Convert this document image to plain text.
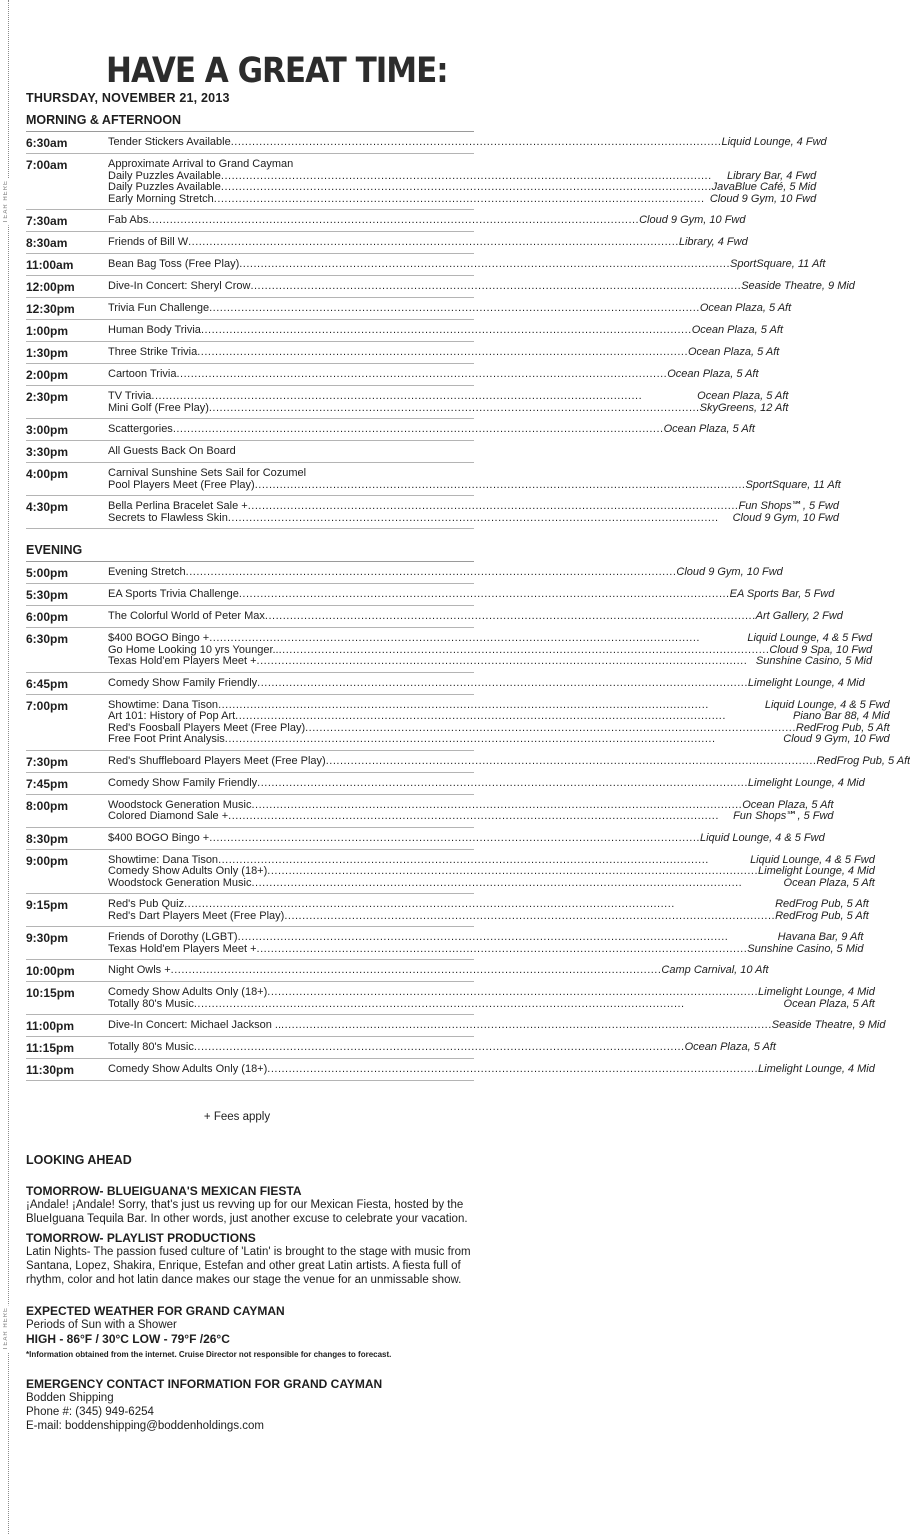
TEAR HERE
TEAR HERE
HAVE A GREAT TIME:
THURSDAY, NOVEMBER 21, 2013
MORNING & AFTERNOON
6:30am	Tender Stickers Available .....	Liquid Lounge, 4 Fwd
7:00am	Approximate Arrival to Grand Cayman
Daily Puzzles Available .....	Library Bar, 4 Fwd
Daily Puzzles Available .....	JavaBlue Café, 5 Mid
Early Morning Stretch .....	Cloud 9 Gym, 10 Fwd
7:30am	Fab Abs .....	Cloud 9 Gym, 10 Fwd
8:30am	Friends of Bill W .....	Library, 4 Fwd
11:00am	Bean Bag Toss (Free Play) .....	SportSquare, 11 Aft
12:00pm	Dive-In Concert: Sheryl Crow .....	Seaside Theatre, 9 Mid
12:30pm	Trivia Fun Challenge .....	Ocean Plaza, 5 Aft
1:00pm	Human Body Trivia .....	Ocean Plaza, 5 Aft
1:30pm	Three Strike Trivia .....	Ocean Plaza, 5 Aft
2:00pm	Cartoon Trivia .....	Ocean Plaza, 5 Aft
2:30pm	TV Trivia .....	Ocean Plaza, 5 Aft
Mini Golf (Free Play) .....	SkyGreens, 12 Aft
3:00pm	Scattergories .....	Ocean Plaza, 5 Aft
3:30pm	All Guests Back On Board
4:00pm	Carnival Sunshine Sets Sail for Cozumel
Pool Players Meet (Free Play) .....	SportSquare, 11 Aft
4:30pm	Bella Perlina Bracelet Sale + .....	Fun Shops℠, 5 Fwd
Secrets to Flawless Skin .....	Cloud 9 Gym, 10 Fwd
EVENING
5:00pm	Evening Stretch .....	Cloud 9 Gym, 10 Fwd
5:30pm	EA Sports Trivia Challenge .....	EA Sports Bar, 5 Fwd
6:00pm	The Colorful World of Peter Max .....	Art Gallery, 2 Fwd
6:30pm	$400 BOGO Bingo + .....	Liquid Lounge, 4 & 5 Fwd
Go Home Looking 10 yrs Younger.. .....	Cloud 9 Spa, 10 Fwd
Texas Hold'em Players Meet + .....	Sunshine Casino, 5 Mid
6:45pm	Comedy Show Family Friendly .....	Limelight Lounge, 4 Mid
7:00pm	Showtime: Dana Tison .....	Liquid Lounge, 4 & 5 Fwd
Art 101: History of Pop Art .....	Piano Bar 88, 4 Mid
Red's Foosball Players Meet (Free Play) .....	RedFrog Pub, 5 Aft
Free Foot Print Analysis .....	Cloud 9 Gym, 10 Fwd
7:30pm	Red's Shuffleboard Players Meet (Free Play) .....	RedFrog Pub, 5 Aft
7:45pm	Comedy Show Family Friendly .....	Limelight Lounge, 4 Mid
8:00pm	Woodstock Generation Music .....	Ocean Plaza, 5 Aft
Colored Diamond Sale + .....	Fun Shops℠, 5 Fwd
8:30pm	$400 BOGO Bingo + .....	Liquid Lounge, 4 & 5 Fwd
9:00pm	Showtime: Dana Tison .....	Liquid Lounge, 4 & 5 Fwd
Comedy Show Adults Only (18+) .....	Limelight Lounge, 4 Mid
Woodstock Generation Music .....	Ocean Plaza, 5 Aft
9:15pm	Red's Pub Quiz .....	RedFrog Pub, 5 Aft
Red's Dart Players Meet (Free Play) .....	RedFrog Pub, 5 Aft
9:30pm	Friends of Dorothy (LGBT) .....	Havana Bar, 9 Aft
Texas Hold'em Players Meet + .....	Sunshine Casino, 5 Mid
10:00pm	Night Owls + .....	Camp Carnival, 10 Aft
10:15pm	Comedy Show Adults Only (18+) .....	Limelight Lounge, 4 Mid
Totally 80's Music .....	Ocean Plaza, 5 Aft
11:00pm	Dive-In Concert: Michael Jackson .. .....	Seaside Theatre, 9 Mid
11:15pm	Totally 80's Music .....	Ocean Plaza, 5 Aft
11:30pm	Comedy Show Adults Only (18+) .....	Limelight Lounge, 4 Mid
+ Fees apply
LOOKING AHEAD
TOMORROW- BLUEIGUANA'S MEXICAN FIESTA
¡Andale! ¡Andale! Sorry, that's just us revving up for our Mexican Fiesta, hosted by the BlueIguana Tequila Bar. In other words, just another excuse to celebrate your vacation.
TOMORROW- PLAYLIST PRODUCTIONS
Latin Nights- The passion fused culture of 'Latin' is brought to the stage with music from Santana, Lopez, Shakira, Enrique, Estefan and other great Latin artists. A fiesta full of rhythm, color and hot latin dance makes our stage the venue for an unmissable show.
EXPECTED WEATHER FOR GRAND CAYMAN
Periods of Sun with a Shower
HIGH - 86°F / 30°C LOW - 79°F /26°C
*Information obtained from the internet. Cruise Director not responsible for changes to forecast.
EMERGENCY CONTACT INFORMATION FOR GRAND CAYMAN
Bodden Shipping
Phone #: (345) 949-6254
E-mail: boddenshipping@boddenholdings.com
